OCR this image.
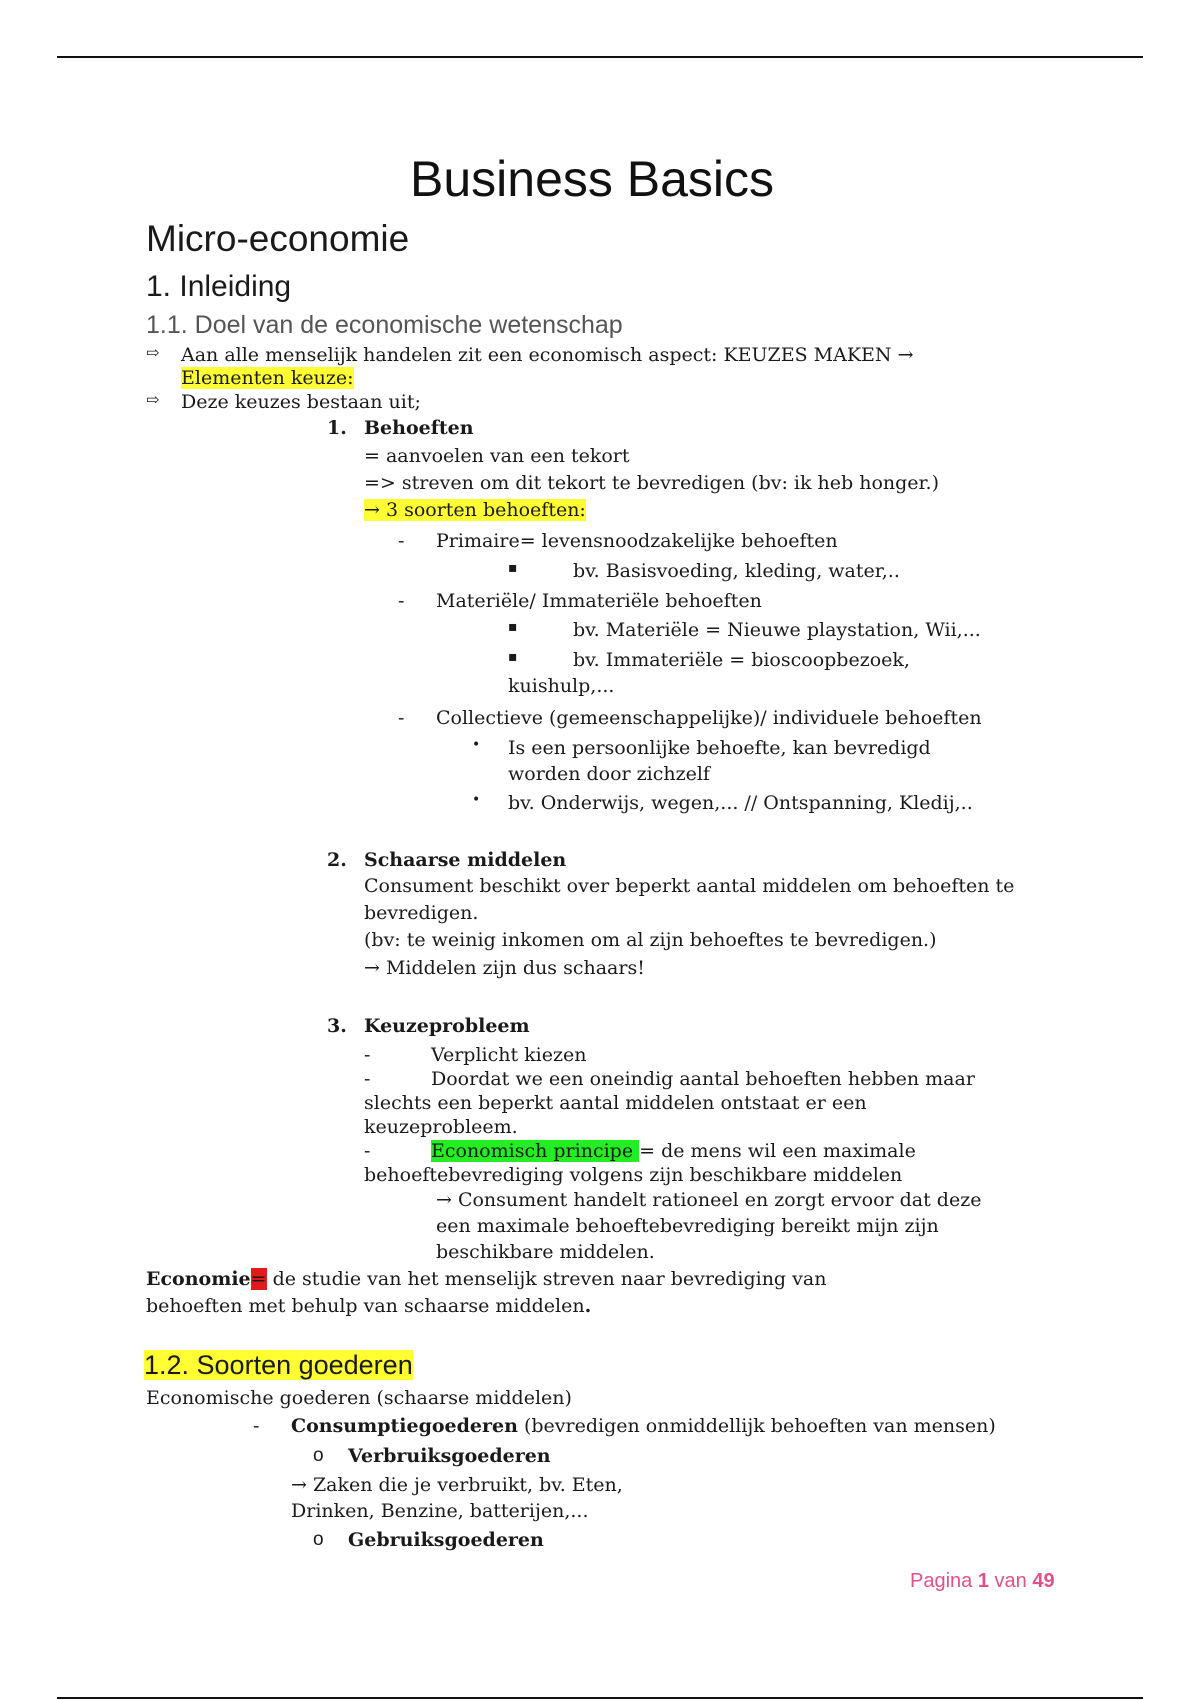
Business Basics
Micro-economie
1. Inleiding
1.1. Doel van de economische wetenschap
⇨ Aan alle menselijk handelen zit een economisch aspect: KEUZES MAKEN →
Elementen keuze:
⇨ Deze keuzes bestaan uit;
1. Behoeften
= aanvoelen van een tekort
=> streven om dit tekort te bevredigen (bv: ik heb honger.)
→ 3 soorten behoeften:
- Primaire= levensnoodzakelijke behoeften
▪	bv. Basisvoeding, kleding, water,..
- Materiële/ Immateriële behoeften
▪	bv. Materiële = Nieuwe playstation, Wii,...
▪	bv. Immateriële = bioscoopbezoek,
kuishulp,...
- Collectieve (gemeenschappelijke)/ individuele behoeften
• Is een persoonlijke behoefte, kan bevredigd
worden door zichzelf
• bv. Onderwijs, wegen,... // Ontspanning, Kledij,..
2. Schaarse middelen
Consument beschikt over beperkt aantal middelen om behoeften te
bevredigen.
(bv: te weinig inkomen om al zijn behoeftes te bevredigen.)
→ Middelen zijn dus schaars!
3. Keuzeprobleem
-	Verplicht kiezen
-	Doordat we een oneindig aantal behoeften hebben maar
slechts een beperkt aantal middelen ontstaat er een
keuzeprobleem.
-	Economisch principe = de mens wil een maximale
behoeftebevrediging volgens zijn beschikbare middelen
→ Consument handelt rationeel en zorgt ervoor dat deze
een maximale behoeftebevrediging bereikt mijn zijn
beschikbare middelen.
Economie= de studie van het menselijk streven naar bevrediging van
behoeften met behulp van schaarse middelen.
1.2. Soorten goederen
Economische goederen (schaarse middelen)
- Consumptiegoederen (bevredigen onmiddellijk behoeften van mensen)
o Verbruiksgoederen
→ Zaken die je verbruikt, bv. Eten,
Drinken, Benzine, batterijen,...
o Gebruiksgoederen
Pagina 1 van 49
